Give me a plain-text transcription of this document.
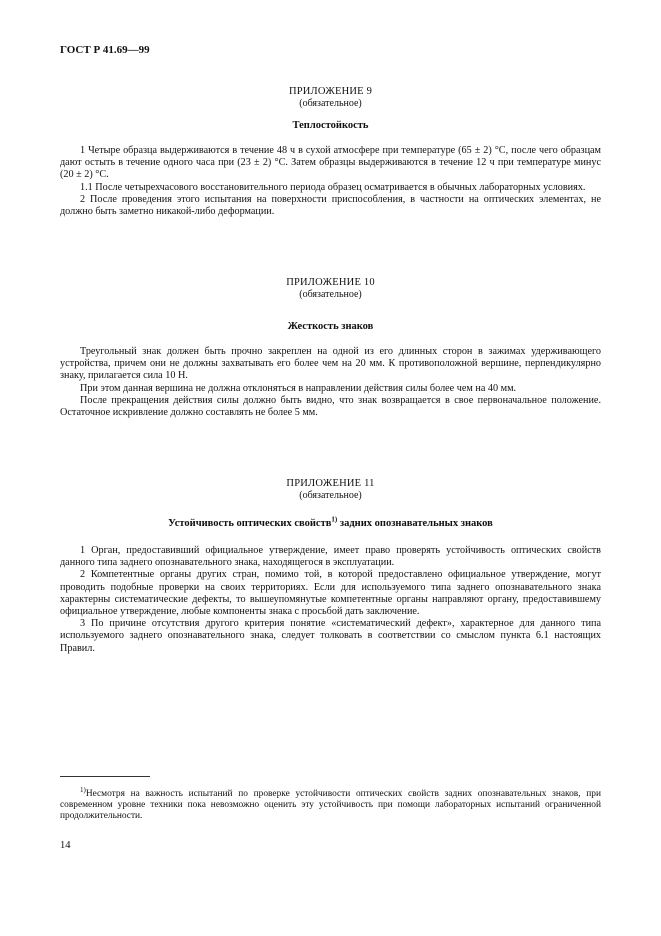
ГОСТ Р 41.69—99
ПРИЛОЖЕНИЕ 9
(обязательное)
Теплостойкость

1 Четыре образца выдерживаются в течение 48 ч в сухой атмосфере при температуре (65 ± 2) °С, после чего образцам дают остыть в течение одного часа при (23 ± 2) °С. Затем образцы выдерживаются в течение 12 ч при температуре минус (20 ± 2) °С.

1.1 После четырехчасового восстановительного периода образец осматривается в обычных лабораторных условиях.

2 После проведения этого испытания на поверхности приспособления, в частности на оптических элементах, не должно быть заметно никакой-либо деформации.

ПРИЛОЖЕНИЕ 10
(обязательное)
Жесткость знаков

Треугольный знак должен быть прочно закреплен на одной из его длинных сторон в зажимах удерживающего устройства, причем они не должны захватывать его более чем на 20 мм. К противоположной вершине, перпендикулярно знаку, прилагается сила 10 Н.

При этом данная вершина не должна отклоняться в направлении действия силы более чем на 40 мм.

После прекращения действия силы должно быть видно, что знак возвращается в свое первоначальное положение. Остаточное искривление должно составлять не более 5 мм.

ПРИЛОЖЕНИЕ 11
(обязательное)
Устойчивость оптических свойств$^{1)}$ задних опознавательных знаков

1 Орган, предоставивший официальное утверждение, имеет право проверять устойчивость оптических свойств данного типа заднего опознавательного знака, находящегося в эксплуатации.

2 Компетентные органы других стран, помимо той, в которой предоставлено официальное утверждение, могут проводить подобные проверки на своих территориях. Если для используемого типа заднего опознавательного знака характерны систематические дефекты, то вышеупомянутые компетентные органы направляют органу, предоставившему официальное утверждение, любые компоненты знака с просьбой дать заключение.

3 По причине отсутствия другого критерия понятие «систематический дефект», характерное для данного типа используемого заднего опознавательного знака, следует толковать в соответствии со смыслом пункта 6.1 настоящих Правил.

$^{1)}$Несмотря на важность испытаний по проверке устойчивости оптических свойств задних опознавательных знаков, при современном уровне техники пока невозможно оценить эту устойчивость при помощи лабораторных испытаний ограниченной продолжительности.
14
